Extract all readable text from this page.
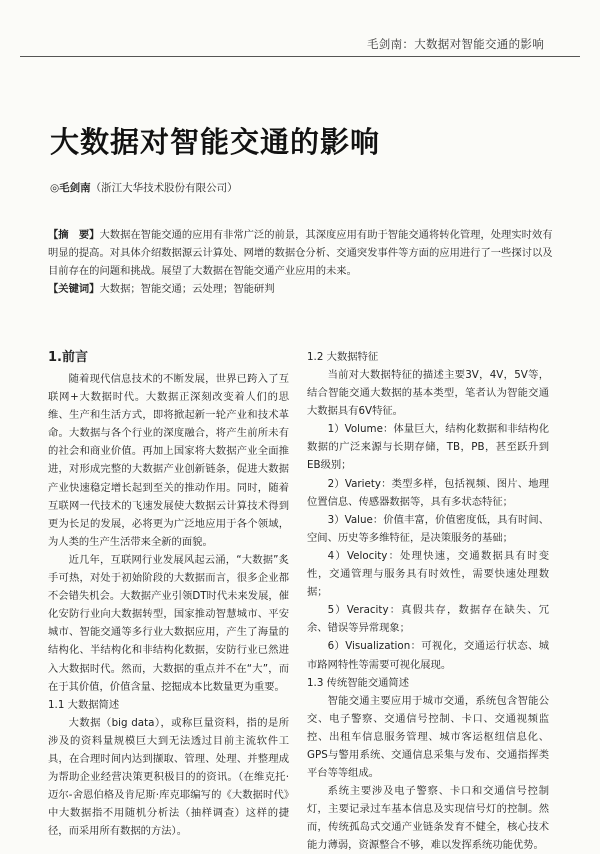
毛剑南：大数据对智能交通的影响
大数据对智能交通的影响
◎毛剑南（浙江大华技术股份有限公司）
【摘　要】大数据在智能交通的应用有非常广泛的前景，其深度应用有助于智能交通将转化管理，处理实时效有明显的提高。对具体介绍数据源云计算处、网增的数据仓分析、交通突发事件等方面的应用进行了一些探讨以及目前存在的问题和挑战。展望了大数据在智能交通产业应用的未来。
【关键词】大数据；智能交通；云处理；智能研判
1.前言

随着现代信息技术的不断发展，世界已跨入了互联网+大数据时代。大数据正深刻改变着人们的思维、生产和生活方式，即将掀起新一轮产业和技术革命。大数据与各个行业的深度融合，将产生前所未有的社会和商业价值。再加上国家将大数据产业全面推进，对形成完整的大数据产业创新链条，促进大数据产业快速稳定增长起到至关的推动作用。同时，随着互联网一代技术的飞速发展使大数据云计算技术得到更为长足的发展，必将更为广泛地应用于各个领域，为人类的生产生活带来全新的面貌。

近几年，互联网行业发展风起云涌，“大数据”炙手可热，对处于初始阶段的大数据而言，很多企业都不会错失机会。大数据产业引领DT时代未来发展，催化安防行业向大数据转型，国家推动智慧城市、平安城市、智能交通等多行业大数据应用，产生了海量的结构化、半结构化和非结构化数据，安防行业已然进入大数据时代。然而，大数据的重点并不在“大”，而在于其价值，价值含量、挖掘成本比数量更为重要。

1.1 大数据简述

大数据（big data），或称巨量资料，指的是所涉及的资料量规模巨大到无法透过目前主流软件工具，在合理时间内达到撷取、管理、处理、并整理成为帮助企业经营决策更积极目的的资讯。（在维克托·迈尔-舍恩伯格及肯尼斯·库克耶编写的《大数据时代》中大数据指不用随机分析法（抽样调查）这样的捷径，而采用所有数据的方法）。

1.2 大数据特征

当前对大数据特征的描述主要3V，4V，5V等，结合智能交通大数据的基本类型，笔者认为智能交通大数据具有6V特征。

1）Volume：体量巨大，结构化数据和非结构化数据的广泛来源与长期存储，TB，PB，甚至跃升到EB级别；

2）Variety：类型多样，包括视频、图片、地理位置信息、传感器数据等，具有多状态特征；

3）Value：价值丰富，价值密度低，具有时间、空间、历史等多维特征，是决策服务的基础；

4）Velocity：处理快速，交通数据具有时变性，交通管理与服务具有时效性，需要快速处理数据；

5）Veracity：真假共存，数据存在缺失、冗余、错误等异常现象；

6）Visualization：可视化，交通运行状态、城市路网特性等需要可视化展现。

1.3 传统智能交通简述

智能交通主要应用于城市交通，系统包含智能公交、电子警察、交通信号控制、卡口、交通视频监控、出租车信息服务管理、城市客运枢纽信息化、GPS与警用系统、交通信息采集与发布、交通指挥类平台等等组成。

系统主要涉及电子警察、卡口和交通信号控制灯，主要记录过车基本信息及实现信号灯的控制。然而，传统孤岛式交通产业链条发育不健全，核心技术能力薄弱，资源整合不够，难以发挥系统功能优势。
